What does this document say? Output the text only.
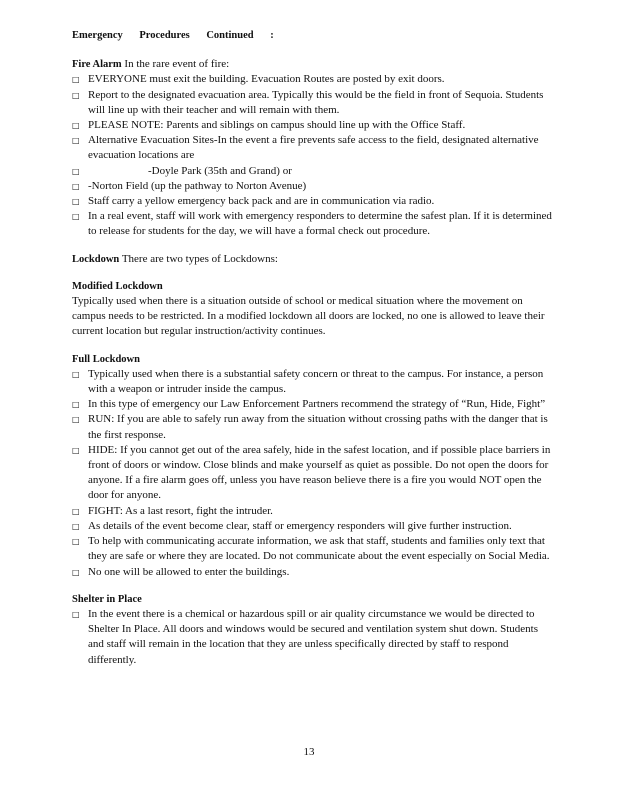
Emergency Procedures Continued :

Fire Alarm In the rare event of fire:

□ EVERYONE must exit the building. Evacuation Routes are posted by exit doors.
□ Report to the designated evacuation area. Typically this would be the field in front of Sequoia. Students will line up with their teacher and will remain with them.
□ PLEASE NOTE: Parents and siblings on campus should line up with the Office Staff.
□ Alternative Evacuation Sites-In the event a fire prevents safe access to the field, designated alternative evacuation locations are
□	-Doyle Park (35th and Grand) or
□ -Norton Field (up the pathway to Norton Avenue)
□ Staff carry a yellow emergency back pack and are in communication via radio.
□ In a real event, staff will work with emergency responders to determine the safest plan. If it is determined to release for students for the day, we will have a formal check out procedure.

Lockdown There are two types of Lockdowns:

Modified Lockdown

Typically used when there is a situation outside of school or medical situation where the movement on campus needs to be restricted. In a modified lockdown all doors are locked, no one is allowed to leave their current location but regular instruction/activity continues.

Full Lockdown

□ Typically used when there is a substantial safety concern or threat to the campus. For instance, a person with a weapon or intruder inside the campus.
□ In this type of emergency our Law Enforcement Partners recommend the strategy of “Run, Hide, Fight”
□ RUN: If you are able to safely run away from the situation without crossing paths with the danger that is the first response.
□ HIDE: If you cannot get out of the area safely, hide in the safest location, and if possible place barriers in front of doors or window. Close blinds and make yourself as quiet as possible. Do not open the doors for anyone. If a fire alarm goes off, unless you have reason believe there is a fire you would NOT open the door for anyone.
□ FIGHT: As a last resort, fight the intruder.
□ As details of the event become clear, staff or emergency responders will give further instruction.
□ To help with communicating accurate information, we ask that staff, students and families only text that they are safe or where they are located. Do not communicate about the event especially on Social Media.
□ No one will be allowed to enter the buildings.

Shelter in Place

□ In the event there is a chemical or hazardous spill or air quality circumstance we would be directed to Shelter In Place. All doors and windows would be secured and ventilation system shut down. Students and staff will remain in the location that they are unless specifically directed by staff to respond differently.
13
